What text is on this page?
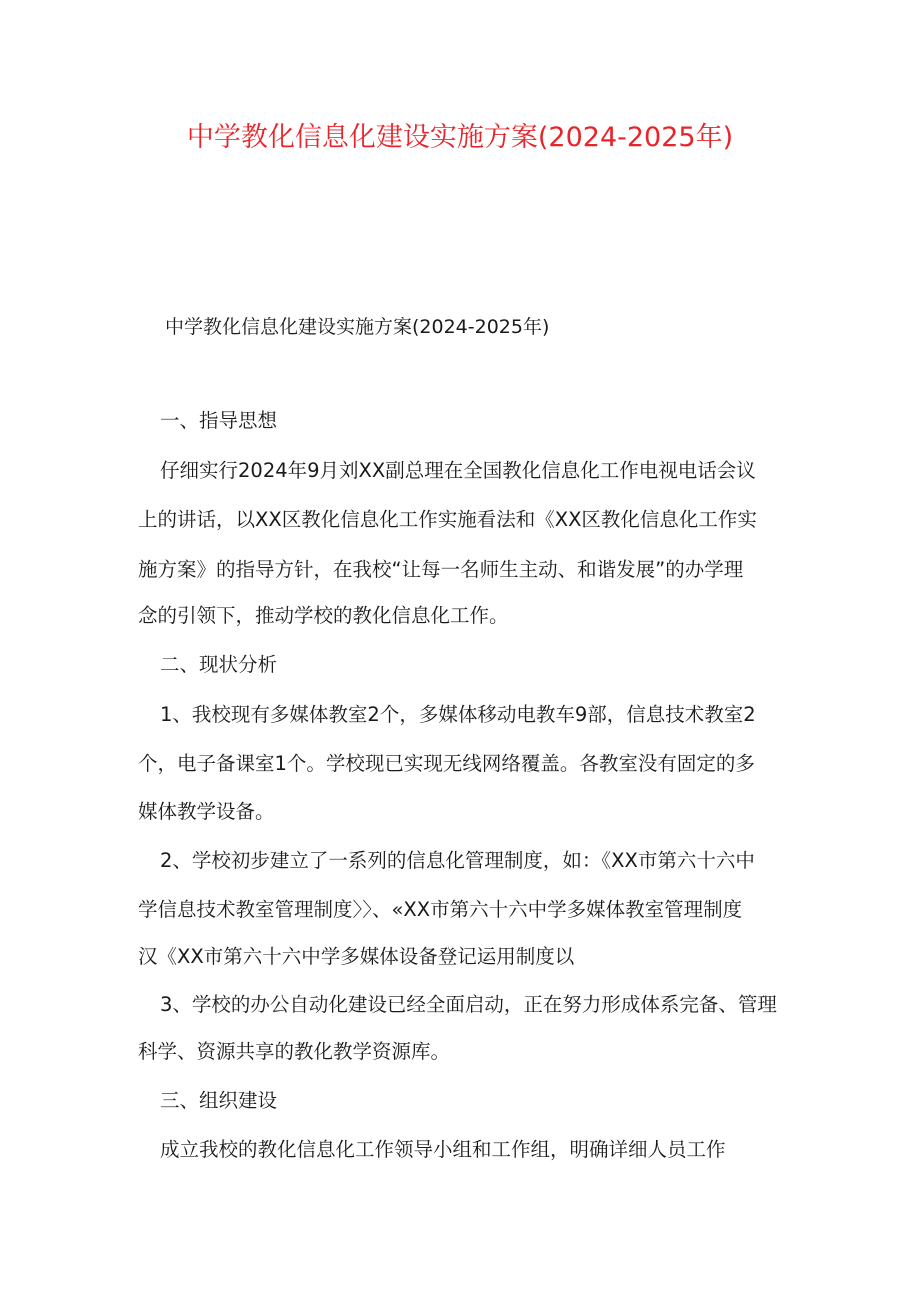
中学教化信息化建设实施方案(2024-2025年)
中学教化信息化建设实施方案(2024-2025年)
一、指导思想
仔细实行2024年9月刘XX副总理在全国教化信息化工作电视电话会议
上的讲话，以XX区教化信息化工作实施看法和《XX区教化信息化工作实
施方案》的指导方针，在我校“让每一名师生主动、和谐发展”的办学理
念的引领下，推动学校的教化信息化工作。
二、现状分析
1、我校现有多媒体教室2个，多媒体移动电教车9部，信息技术教室2
个，电子备课室1个。学校现已实现无线网络覆盖。各教室没有固定的多
媒体教学设备。
2、学校初步建立了一系列的信息化管理制度，如：《XX市第六十六中
学信息技术教室管理制度〉〉、«XX市第六十六中学多媒体教室管理制度
汉《XX市第六十六中学多媒体设备登记运用制度以
3、学校的办公自动化建设已经全面启动，正在努力形成体系完备、管理
科学、资源共享的教化教学资源库。
三、组织建设
成立我校的教化信息化工作领导小组和工作组，明确详细人员工作
